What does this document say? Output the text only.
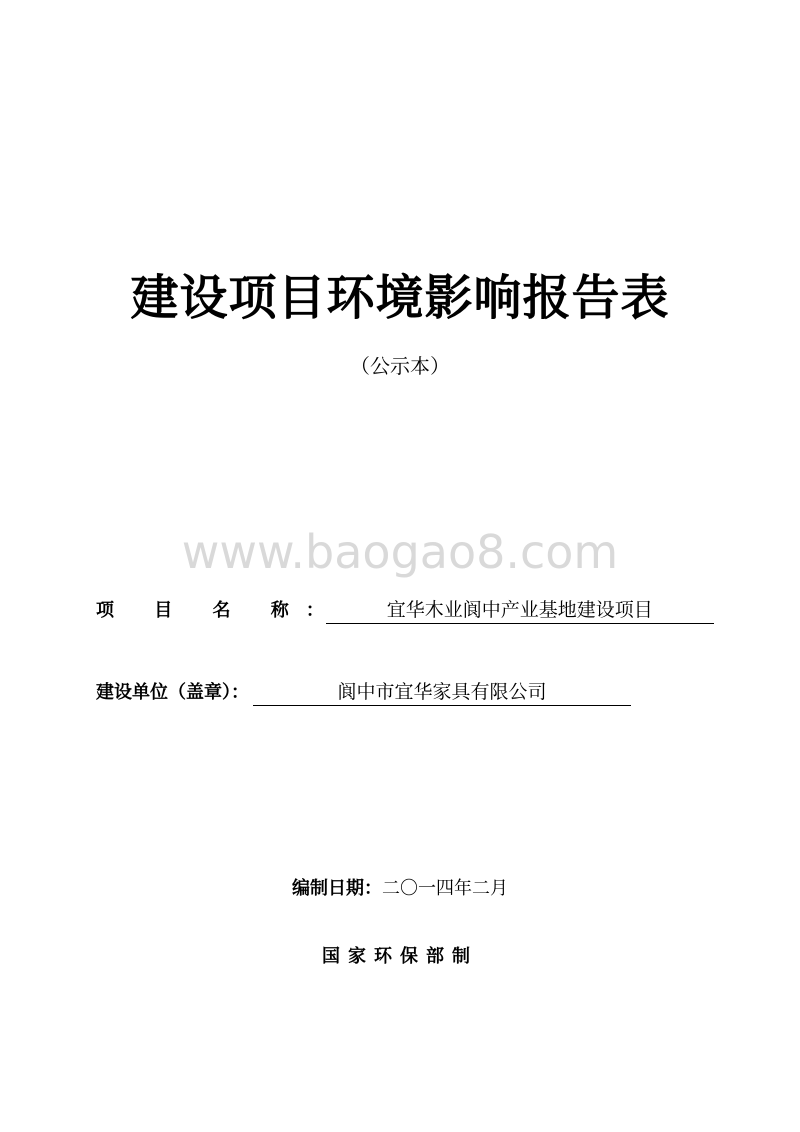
建设项目环境影响报告表
（公示本）
www.baogao8.com
项 目 名 称：	宜华木业阆中产业基地建设项目
建设单位（盖章）：	阆中市宜华家具有限公司
编制日期：二〇一四年二月
国家环保部制
